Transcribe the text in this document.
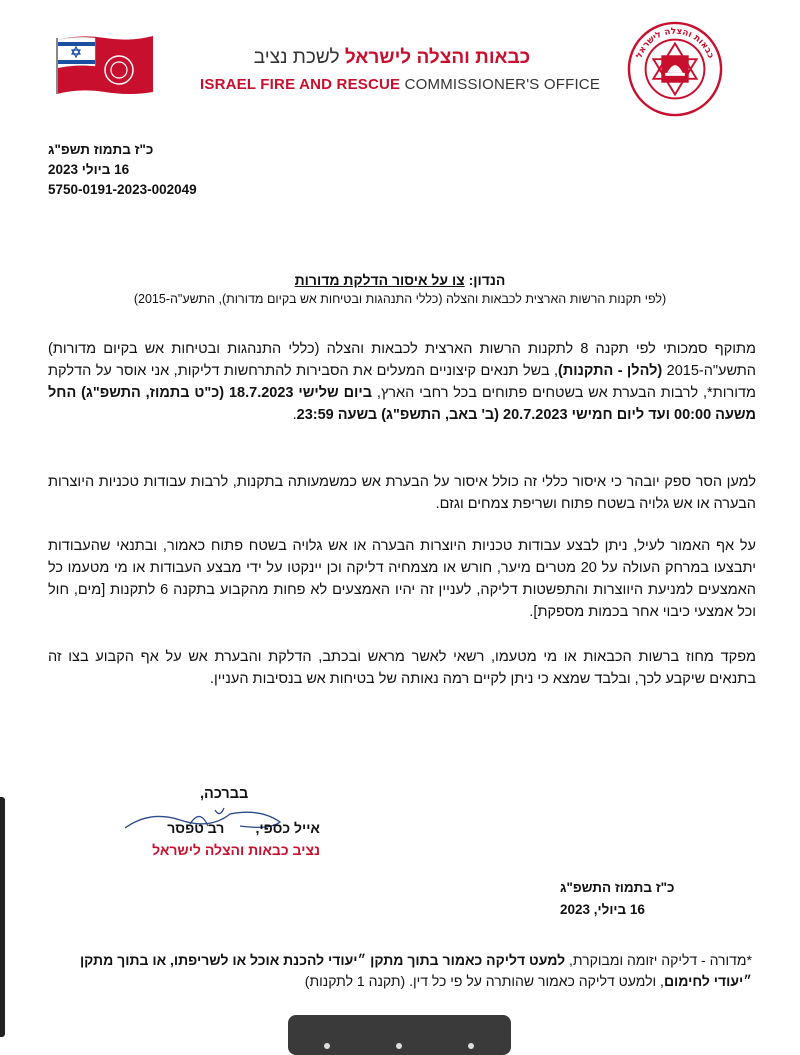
כבאות והצלה לישראל לשכת נציב
ISRAEL FIRE AND RESCUE COMMISSIONER'S OFFICE
כבאות והצלה לישראל
כ"ז בתמוז תשפ"ג
16 ביולי 2023
5750-0191-2023-002049
הנדון: צו על איסור הדלקת מדורות
(לפי תקנות הרשות הארצית לכבאות והצלה (כללי התנהגות ובטיחות אש בקיום מדורות), התשע"ה-2015)
מתוקף סמכותי לפי תקנה 8 לתקנות הרשות הארצית לכבאות והצלה (כללי התנהגות ובטיחות אש בקיום מדורות) התשע"ה-2015 (להלן - התקנות), בשל תנאים קיצוניים המעלים את הסבירות להתרחשות דליקות, אני אוסר על הדלקת מדורות*, לרבות הבערת אש בשטחים פתוחים בכל רחבי הארץ, ביום שלישי 18.7.2023 (כ"ט בתמוז, התשפ"ג) החל משעה 00:00 ועד ליום חמישי 20.7.2023 (ב' באב, התשפ"ג) בשעה 23:59.
למען הסר ספק יובהר כי איסור כללי זה כולל איסור על הבערת אש כמשמעותה בתקנות, לרבות עבודות טכניות היוצרות הבערה או אש גלויה בשטח פתוח ושריפת צמחים וגזם.
על אף האמור לעיל, ניתן לבצע עבודות טכניות היוצרות הבערה או אש גלויה בשטח פתוח כאמור, ובתנאי שהעבודות יתבצעו במרחק העולה על 20 מטרים מיער, חורש או מצמחיה דליקה וכן יינקטו על ידי מבצע העבודות או מי מטעמו כל האמצעים למניעת היווצרות והתפשטות דליקה, לעניין זה יהיו האמצעים לא פחות מהקבוע בתקנה 6 לתקנות [מים, חול וכל אמצעי כיבוי אחר בכמות מספקת].
מפקד מחוז ברשות הכבאות או מי מטעמו, רשאי לאשר מראש ובכתב, הדלקת והבערת אש על אף הקבוע בצו זה בתנאים שיקבע לכך, ובלבד שמצא כי ניתן לקיים רמה נאותה של בטיחות אש בנסיבות העניין.
בברכה,
אייל כספי,        רב טפסר
נציב כבאות והצלה לישראל
כ"ז בתמוז התשפ"ג
16 ביולי, 2023
*מדורה - דליקה יזומה ומבוקרת, למעט דליקה כאמור בתוך מתקן ״יעודי להכנת אוכל או לשריפתו, או בתוך מתקן ״יעודי לחימום, ולמעט דליקה כאמור שהותרה על פי כל דין. (תקנה 1 לתקנות)
